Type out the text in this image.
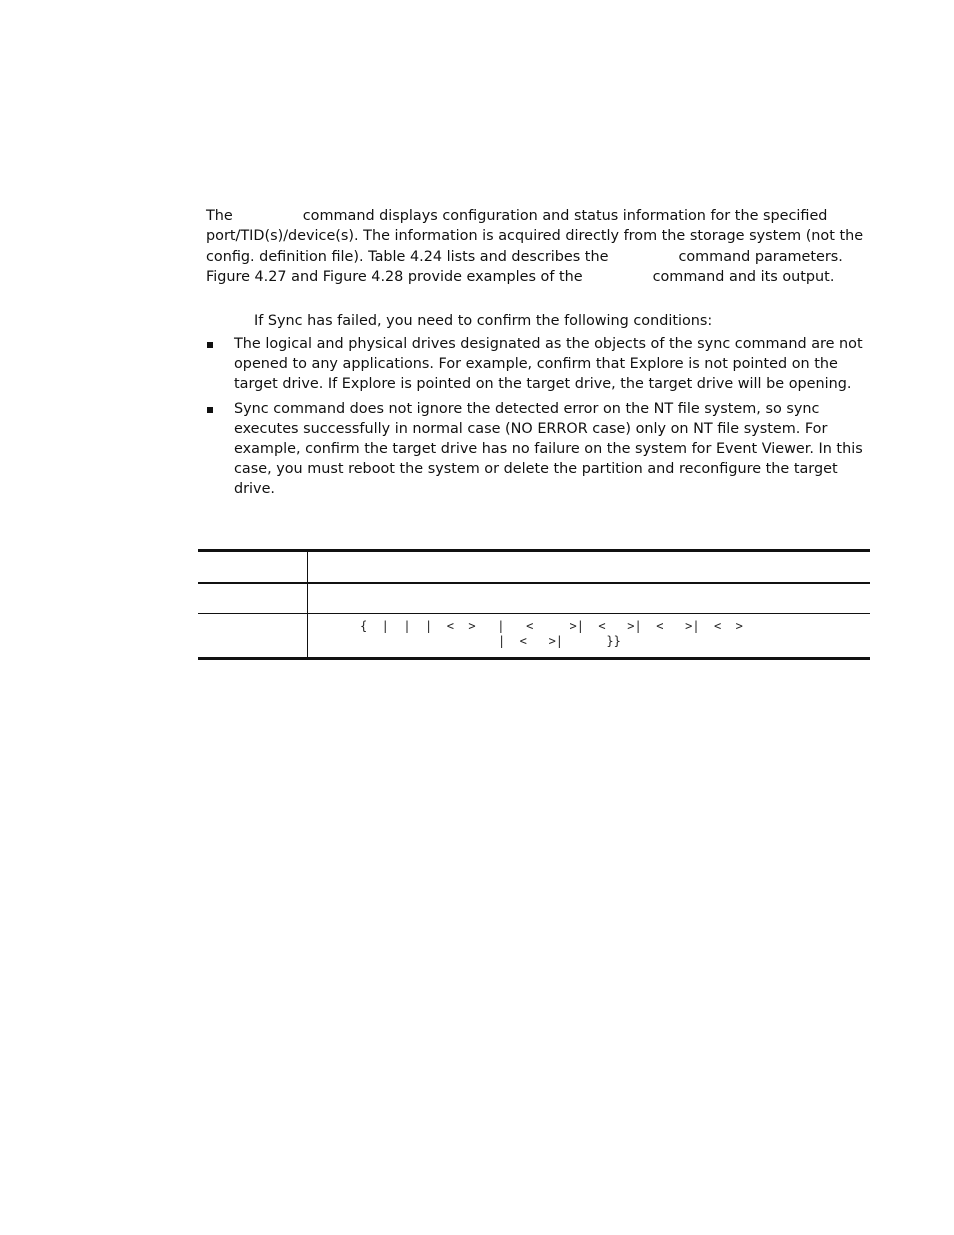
The	command displays configuration and status information for the specified
port/TID(s)/device(s). The information is acquired directly from the storage system (not the
config. definition file). Table 4.24 lists and describes the	command parameters.
Figure 4.27 and Figure 4.28 provide examples of the	command and its output.

If Sync has failed, you need to confirm the following conditions:

The logical and physical drives designated as the objects of the sync command are not
opened to any applications. For example, confirm that Explore is not pointed on the
target drive. If Explore is pointed on the target drive, the target drive will be opening.
Sync command does not ignore the detected error on the NT file system, so sync
executes successfully in normal case (NO ERROR case) only on NT file system. For
example, confirm the target drive has no failure on the system for Event Viewer. In this
case, you must reboot the system or delete the partition and reconfigure the target
drive.

	{  |  |  |  <  >   |   <     >|  <   >|  <   >|  <  >
|  <   >|      }}
